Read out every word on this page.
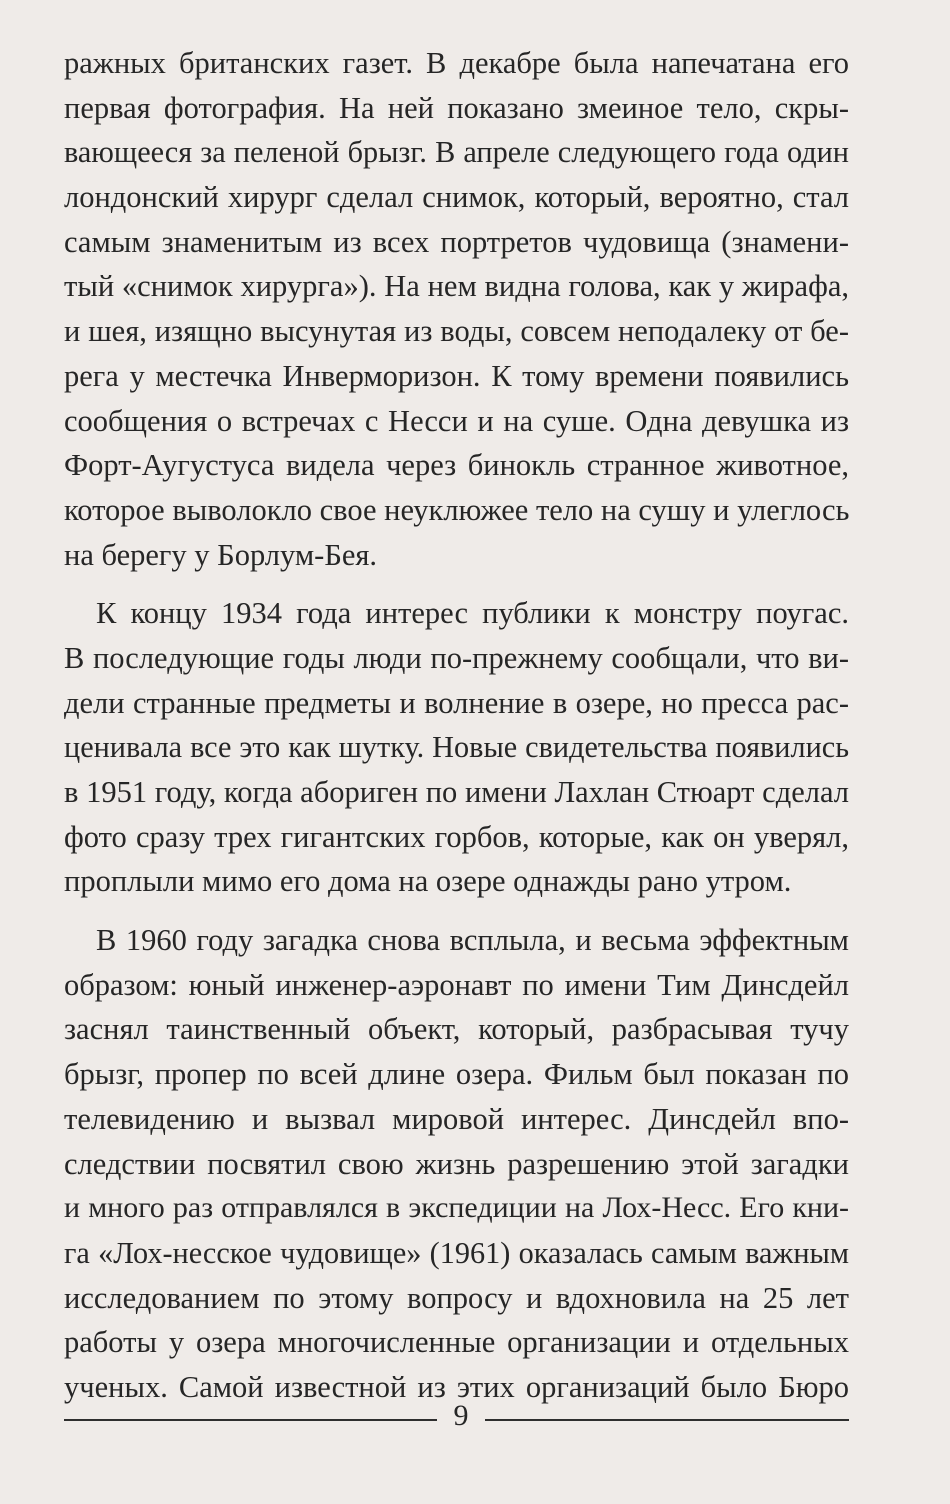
ражных британских газет. В декабре была напечатана его
первая фотография. На ней показано змеиное тело, скры-
вающееся за пеленой брызг. В апреле следующего года один
лондонский хирург сделал снимок, который, вероятно, стал
самым знаменитым из всех портретов чудовища (знамени-
тый «снимок хирурга»). На нем видна голова, как у жирафа,
и шея, изящно высунутая из воды, совсем неподалеку от бе-
рега у местечка Инверморизон. К тому времени появились
сообщения о встречах с Несси и на суше. Одна девушка из
Форт-Аугустуса видела через бинокль странное животное,
которое выволокло свое неуклюжее тело на сушу и улеглось
на берегу у Борлум-Бея.
К концу 1934 года интерес публики к монстру поугас.
В последующие годы люди по-прежнему сообщали, что ви-
дели странные предметы и волнение в озере, но пресса рас-
ценивала все это как шутку. Новые свидетельства появились
в 1951 году, когда абориген по имени Лахлан Стюарт сделал
фото сразу трех гигантских горбов, которые, как он уверял,
проплыли мимо его дома на озере однажды рано утром.
В 1960 году загадка снова всплыла, и весьма эффектным
образом: юный инженер-аэронавт по имени Тим Динсдейл
заснял таинственный объект, который, разбрасывая тучу
брызг, пропер по всей длине озера. Фильм был показан по
телевидению и вызвал мировой интерес. Динсдейл впо-
следствии посвятил свою жизнь разрешению этой загадки
и много раз отправлялся в экспедиции на Лох-Несс. Его кни-
га «Лох-несское чудовище» (1961) оказалась самым важным
исследованием по этому вопросу и вдохновила на 25 лет
работы у озера многочисленные организации и отдельных
ученых. Самой известной из этих организаций было Бюро
9
